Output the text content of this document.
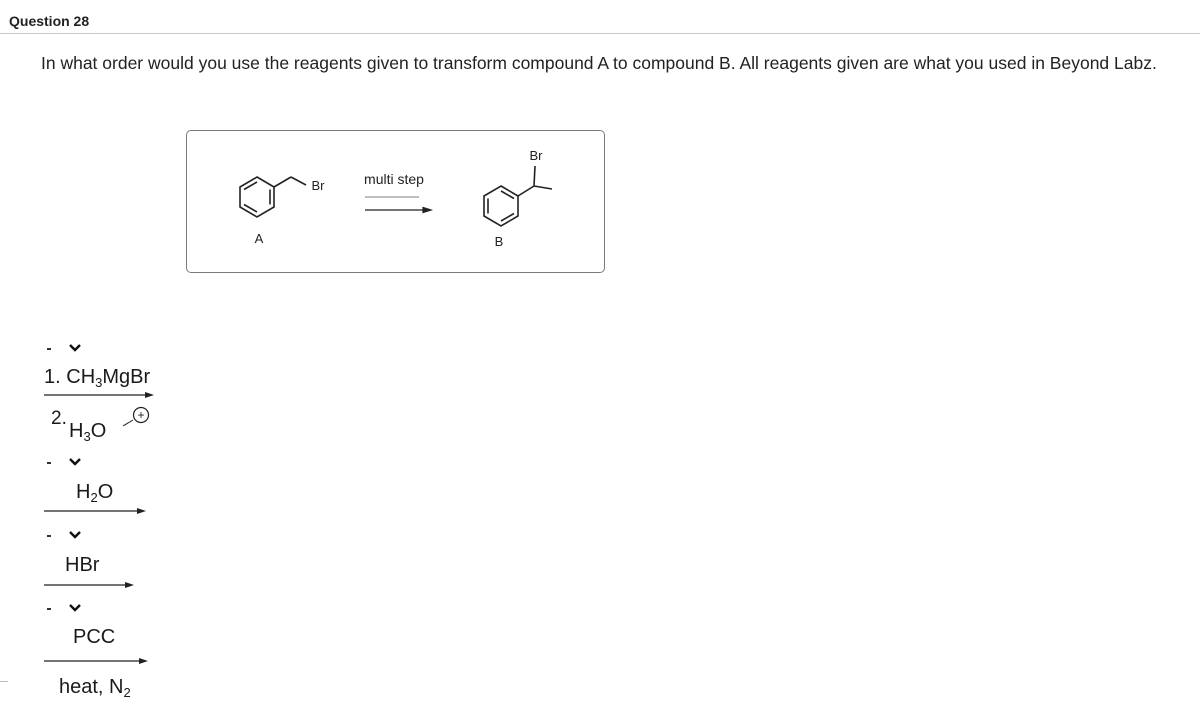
Question 28
In what order would you use the reagents given to transform compound A to compound B. All reagents given are what you used in Beyond Labz.
Br
A
multi step
Br
B
1. $CH_3MgBr$
2.
$H_3O$
+
$H_2O$
HBr
PCC
heat, $N_2$
